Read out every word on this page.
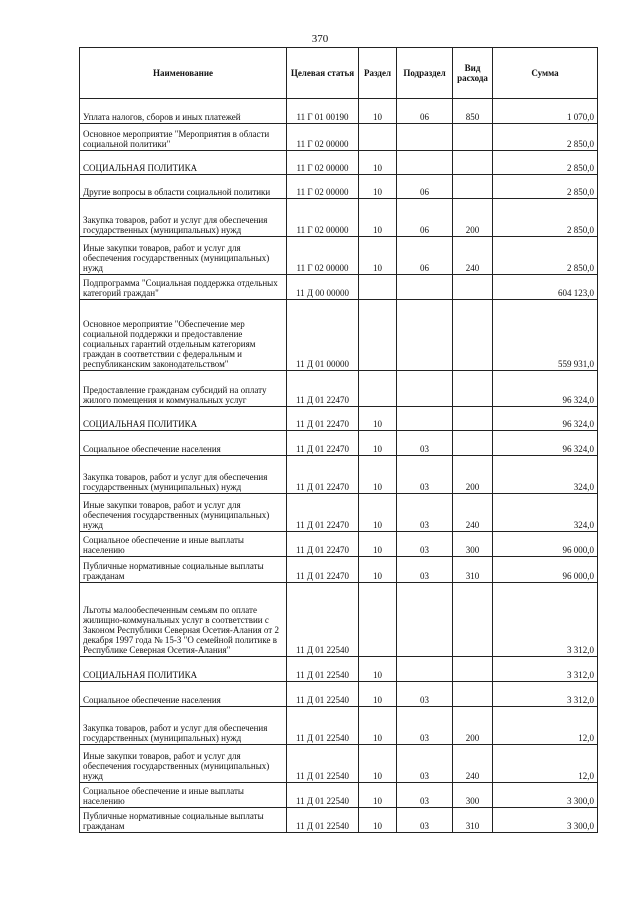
370
Наименование	Целевая статья	Раздел	Подраздел	Вид расхода	Сумма
Уплата налогов, сборов и иных платежей	11 Г 01 00190	10	06	850	1 070,0
Основное мероприятие "Мероприятия в области социальной политики"	11 Г 02 00000				2 850,0
СОЦИАЛЬНАЯ ПОЛИТИКА	11 Г 02 00000	10			2 850,0
Другие вопросы в области социальной политики	11 Г 02 00000	10	06		2 850,0
Закупка товаров, работ и услуг для обеспечения государственных (муниципальных) нужд	11 Г 02 00000	10	06	200	2 850,0
Иные закупки товаров, работ и услуг для обеспечения государственных (муниципальных) нужд	11 Г 02 00000	10	06	240	2 850,0
Подпрограмма "Социальная поддержка отдельных категорий граждан"	11 Д 00 00000				604 123,0
Основное мероприятие "Обеспечение мер социальной поддержки и предоставление социальных гарантий отдельным категориям граждан в соответствии с федеральным и республиканским законодательством"	11 Д 01 00000				559 931,0
Предоставление гражданам субсидий на оплату жилого помещения и коммунальных услуг	11 Д 01 22470				96 324,0
СОЦИАЛЬНАЯ ПОЛИТИКА	11 Д 01 22470	10			96 324,0
Социальное обеспечение населения	11 Д 01 22470	10	03		96 324,0
Закупка товаров, работ и услуг для обеспечения государственных (муниципальных) нужд	11 Д 01 22470	10	03	200	324,0
Иные закупки товаров, работ и услуг для обеспечения государственных (муниципальных) нужд	11 Д 01 22470	10	03	240	324,0
Социальное обеспечение и иные выплаты населению	11 Д 01 22470	10	03	300	96 000,0
Публичные нормативные социальные выплаты гражданам	11 Д 01 22470	10	03	310	96 000,0
Льготы малообеспеченным семьям по оплате жилищно-коммунальных услуг в соответствии с Законом Республики Северная Осетия-Алания от 2 декабря 1997 года № 15-З "О семейной политике в Республике Северная Осетия-Алания"	11 Д 01 22540				3 312,0
СОЦИАЛЬНАЯ ПОЛИТИКА	11 Д 01 22540	10			3 312,0
Социальное обеспечение населения	11 Д 01 22540	10	03		3 312,0
Закупка товаров, работ и услуг для обеспечения государственных (муниципальных) нужд	11 Д 01 22540	10	03	200	12,0
Иные закупки товаров, работ и услуг для обеспечения государственных (муниципальных) нужд	11 Д 01 22540	10	03	240	12,0
Социальное обеспечение и иные выплаты населению	11 Д 01 22540	10	03	300	3 300,0
Публичные нормативные социальные выплаты гражданам	11 Д 01 22540	10	03	310	3 300,0
